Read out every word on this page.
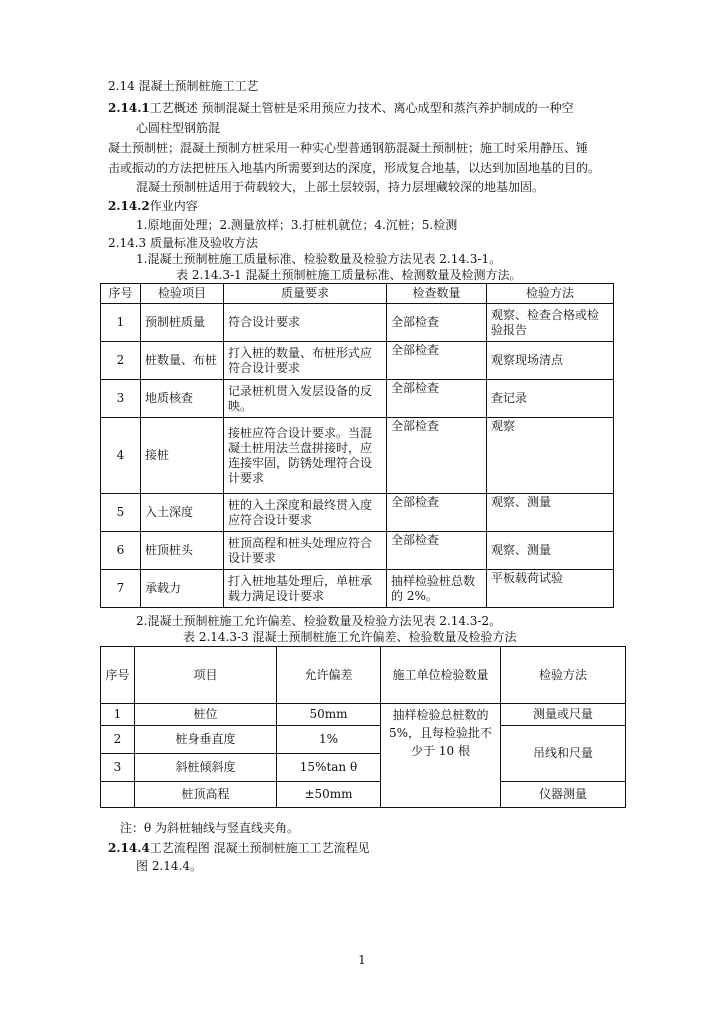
2.14 混凝土预制桩施工工艺
2.14.1工艺概述 预制混凝土管桩是采用预应力技术、离心成型和蒸汽养护制成的一种空
心圆柱型钢筋混
凝土预制桩；混凝土预制方桩采用一种实心型普通钢筋混凝土预制桩；施工时采用静压、锤
击或振动的方法把桩压入地基内所需要到达的深度，形成复合地基，以达到加固地基的目的。
混凝土预制桩适用于荷载较大，上部土层较弱，持力层埋藏较深的地基加固。
2.14.2作业内容
1.原地面处理；2.测量放样；3.打桩机就位；4.沉桩；5.检测
2.14.3 质量标准及验收方法
1.混凝土预制桩施工质量标准、检验数量及检验方法见表 2.14.3-1。
表 2.14.3-1 混凝土预制桩施工质量标准、检测数量及检测方法。
序号	检验项目	质量要求	检查数量	检验方法
1	预制桩质量	符合设计要求	全部检查	观察、检查合格或检验报告
2	桩数量、布桩	打入桩的数量、布桩形式应符合设计要求	全部检查	观察现场清点
3	地质核查	记录桩机贯入发层设备的反映。	全部检查	查记录
4	接桩	接桩应符合设计要求。当混凝土桩用法兰盘拼接时，应连接牢固，防锈处理符合设计要求	全部检查	观察
5	入土深度	桩的入土深度和最终贯入度应符合设计要求	全部检查	观察、测量
6	桩顶桩头	桩顶高程和桩头处理应符合设计要求	全部检查	观察、测量
7	承载力	打入桩地基处理后，单桩承载力满足设计要求	抽样检验桩总数的 2%。	平板载荷试验
2.混凝土预制桩施工允许偏差、检验数量及检验方法见表 2.14.3-2。
表 2.14.3-3 混凝土预制桩施工允许偏差、检验数量及检验方法
序号	项目	允许偏差	施工单位检验数量	检验方法
1	桩位	50mm	抽样检验总桩数的5%，且每检验批不少于 10 根	测量或尺量
2	桩身垂直度	1%		吊线和尺量
3	斜桩倾斜度	15%tan θ		
	桩顶高程	±50mm		仪器测量
注：θ 为斜桩轴线与竖直线夹角。
2.14.4工艺流程图 混凝土预制桩施工工艺流程见
图 2.14.4。
1
